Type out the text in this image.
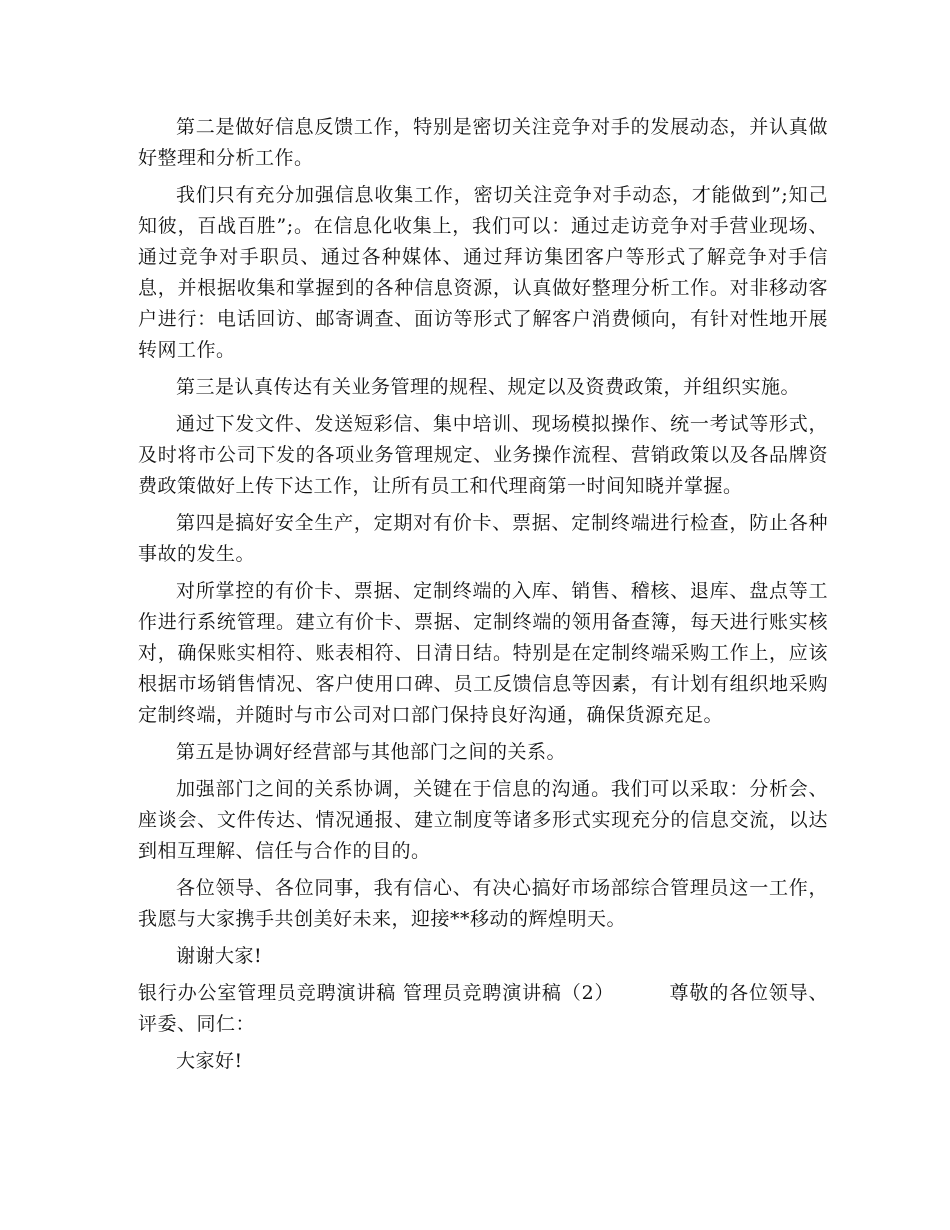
第二是做好信息反馈工作，特别是密切关注竞争对手的发展动态，并认真做好整理和分析工作。

我们只有充分加强信息收集工作，密切关注竞争对手动态，才能做到”;知己知彼，百战百胜”;。在信息化收集上，我们可以：通过走访竞争对手营业现场、通过竞争对手职员、通过各种媒体、通过拜访集团客户等形式了解竞争对手信息，并根据收集和掌握到的各种信息资源，认真做好整理分析工作。对非移动客户进行：电话回访、邮寄调查、面访等形式了解客户消费倾向，有针对性地开展转网工作。

第三是认真传达有关业务管理的规程、规定以及资费政策，并组织实施。

通过下发文件、发送短彩信、集中培训、现场模拟操作、统一考试等形式，及时将市公司下发的各项业务管理规定、业务操作流程、营销政策以及各品牌资费政策做好上传下达工作，让所有员工和代理商第一时间知晓并掌握。

第四是搞好安全生产，定期对有价卡、票据、定制终端进行检查，防止各种事故的发生。

对所掌控的有价卡、票据、定制终端的入库、销售、稽核、退库、盘点等工作进行系统管理。建立有价卡、票据、定制终端的领用备查簿，每天进行账实核对，确保账实相符、账表相符、日清日结。特别是在定制终端采购工作上，应该根据市场销售情况、客户使用口碑、员工反馈信息等因素，有计划有组织地采购定制终端，并随时与市公司对口部门保持良好沟通，确保货源充足。

第五是协调好经营部与其他部门之间的关系。

加强部门之间的关系协调，关键在于信息的沟通。我们可以采取：分析会、座谈会、文件传达、情况通报、建立制度等诸多形式实现充分的信息交流，以达到相互理解、信任与合作的目的。

各位领导、各位同事，我有信心、有决心搞好市场部综合管理员这一工作，我愿与大家携手共创美好未来，迎接**移动的辉煌明天。

谢谢大家!

银行办公室管理员竞聘演讲稿 管理员竞聘演讲稿（2）        尊敬的各位领导、评委、同仁：

大家好!
